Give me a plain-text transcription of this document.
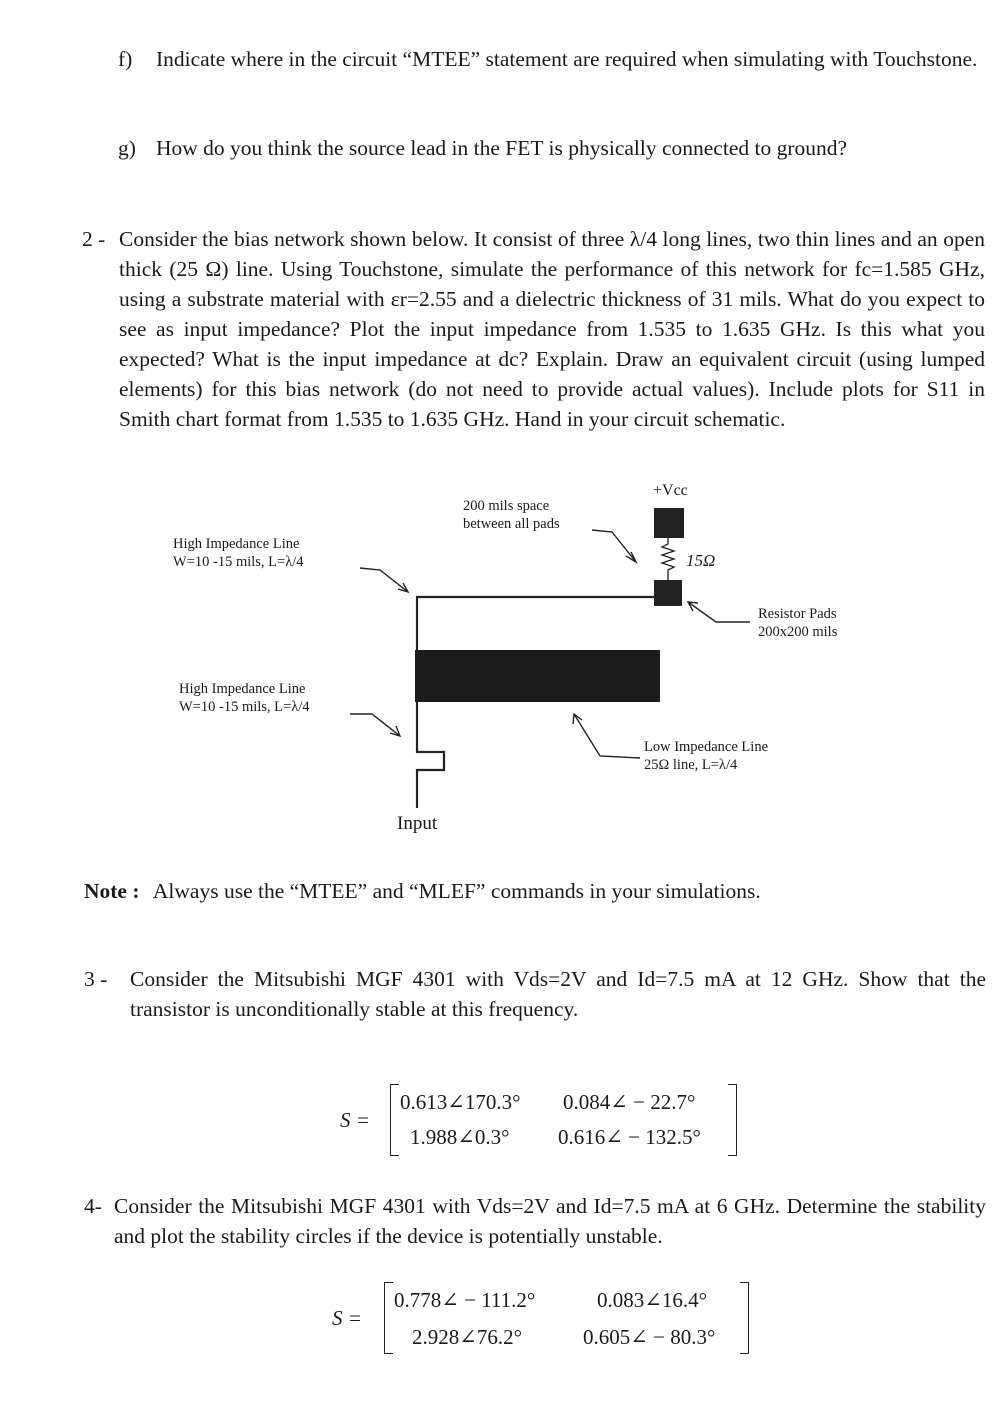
f) Indicate where in the circuit “MTEE” statement are required when simulating with Touchstone.
g) How do you think the source lead in the FET is physically connected to ground?
2 - Consider the bias network shown below. It consist of three λ/4 long lines, two thin lines and an open thick (25 Ω) line. Using Touchstone, simulate the performance of this network for fc=1.585 GHz, using a substrate material with εr=2.55 and a dielectric thickness of 31 mils. What do you expect to see as input impedance? Plot the input impedance from 1.535 to 1.635 GHz. Is this what you expected? What is the input impedance at dc? Explain. Draw an equivalent circuit (using lumped elements) for this bias network (do not need to provide actual values). Include plots for S11 in Smith chart format from 1.535 to 1.635 GHz. Hand in your circuit schematic.
200 mils space
between all pads
+Vcc
15Ω
High Impedance Line
W=10 -15 mils, L=λ/4
Resistor Pads
200x200 mils
High Impedance Line
W=10 -15 mils, L=λ/4
Low Impedance Line
25Ω line, L=λ/4
Input
Note : Always use the “MTEE” and “MLEF” commands in your simulations.
3 - Consider the Mitsubishi MGF 4301 with Vds=2V and Id=7.5 mA at 12 GHz. Show that the transistor is unconditionally stable at this frequency.
S =
0.613∠170.3° 0.084∠ − 22.7°
1.988∠0.3° 0.616∠ − 132.5°
4- Consider the Mitsubishi MGF 4301 with Vds=2V and Id=7.5 mA at 6 GHz. Determine the stability and plot the stability circles if the device is potentially unstable.
S =
0.778∠ − 111.2°	0.083∠16.4°
2.928∠76.2°	0.605∠ − 80.3°
